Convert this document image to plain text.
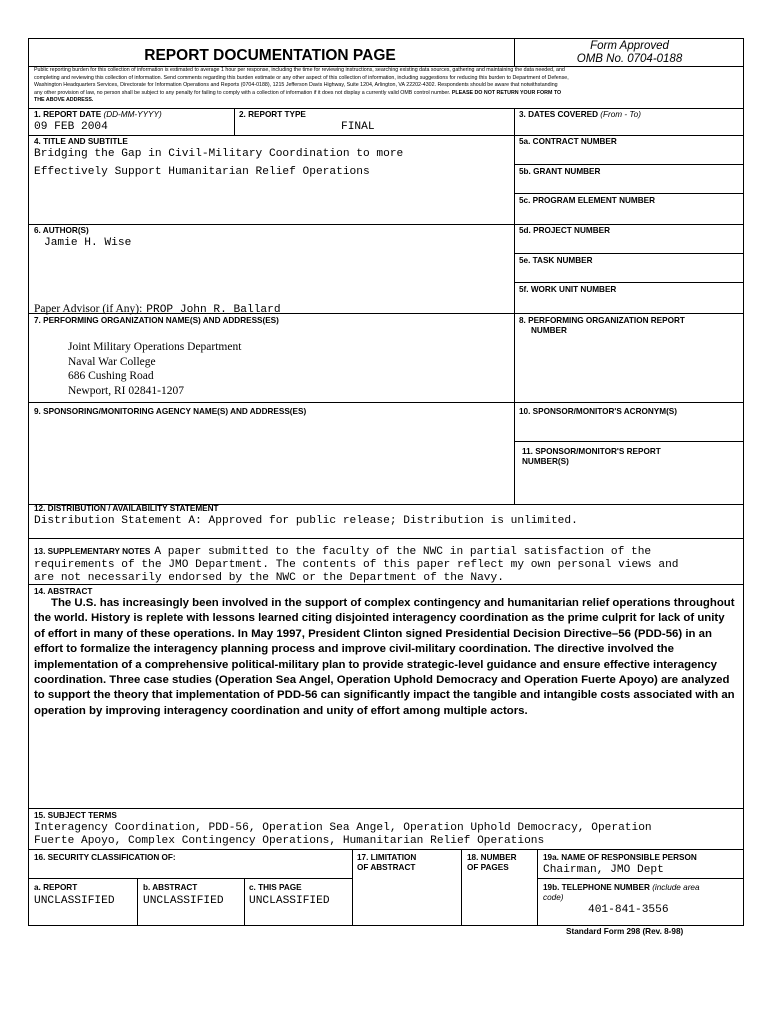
REPORT DOCUMENTATION PAGE
Form Approved
OMB No. 0704-0188
Public reporting burden for this collection of information is estimated to average 1 hour per response, including the time for reviewing instructions, searching existing data sources, gathering and maintaining the data needed, and
completing and reviewing this collection of information. Send comments regarding this burden estimate or any other aspect of this collection of information, including suggestions for reducing this burden to Department of Defense,
Washington Headquarters Services, Directorate for Information Operations and Reports (0704-0188), 1215 Jefferson Davis Highway, Suite 1204, Arlington, VA 22202-4302. Respondents should be aware that notwithstanding
any other provision of law, no person shall be subject to any penalty for failing to comply with a collection of information if it does not display a currently valid OMB control number. PLEASE DO NOT RETURN YOUR FORM TO
THE ABOVE ADDRESS.
1. REPORT DATE (DD-MM-YYYY)
09 FEB 2004
2. REPORT TYPE
FINAL
3. DATES COVERED (From - To)
4. TITLE AND SUBTITLE
Bridging the Gap in Civil-Military Coordination to more
Effectively Support Humanitarian Relief Operations
5a. CONTRACT NUMBER
5b. GRANT NUMBER
5c. PROGRAM ELEMENT NUMBER
6. AUTHOR(S)
Jamie H. Wise
5d. PROJECT NUMBER
5e. TASK NUMBER
5f. WORK UNIT NUMBER
Paper Advisor (if Any): PROP John R. Ballard
7. PERFORMING ORGANIZATION NAME(S) AND ADDRESS(ES)
Joint Military Operations Department
Naval War College
686 Cushing Road
Newport, RI 02841-1207
8. PERFORMING ORGANIZATION REPORT
NUMBER
9. SPONSORING/MONITORING AGENCY NAME(S) AND ADDRESS(ES)	10. SPONSOR/MONITOR'S ACRONYM(S)
11. SPONSOR/MONITOR'S REPORT
NUMBER(S)
12. DISTRIBUTION / AVAILABILITY STATEMENT
Distribution Statement A: Approved for public release; Distribution is unlimited.
13. SUPPLEMENTARY NOTES A paper submitted to the faculty of the NWC in partial satisfaction of the
requirements of the JMO Department. The contents of this paper reflect my own personal views and
are not necessarily endorsed by the NWC or the Department of the Navy.
14. ABSTRACT
The U.S. has increasingly been involved in the support of complex contingency and humanitarian relief operations throughout the world. History is replete with lessons learned citing disjointed interagency coordination as the prime culprit for lack of unity of effort in many of these operations. In May 1997, President Clinton signed Presidential Decision Directive–56 (PDD-56) in an effort to formalize the interagency planning process and improve civil-military coordination. The directive involved the implementation of a comprehensive political-military plan to provide strategic-level guidance and ensure effective interagency coordination. Three case studies (Operation Sea Angel, Operation Uphold Democracy and Operation Fuerte Apoyo) are analyzed to support the theory that implementation of PDD-56 can significantly impact the tangible and intangible costs associated with an operation by improving interagency coordination and unity of effort among multiple actors.
15. SUBJECT TERMS
Interagency Coordination, PDD-56, Operation Sea Angel, Operation Uphold Democracy, Operation
Fuerte Apoyo, Complex Contingency Operations, Humanitarian Relief Operations
16. SECURITY CLASSIFICATION OF:	17. LIMITATION
OF ABSTRACT
18. NUMBER
OF PAGES
19a. NAME OF RESPONSIBLE PERSON
Chairman, JMO Dept
a. REPORT
UNCLASSIFIED
b. ABSTRACT
UNCLASSIFIED
c. THIS PAGE
UNCLASSIFIED
19b. TELEPHONE NUMBER (include area
code)
401-841-3556
Standard Form 298 (Rev. 8-98)
